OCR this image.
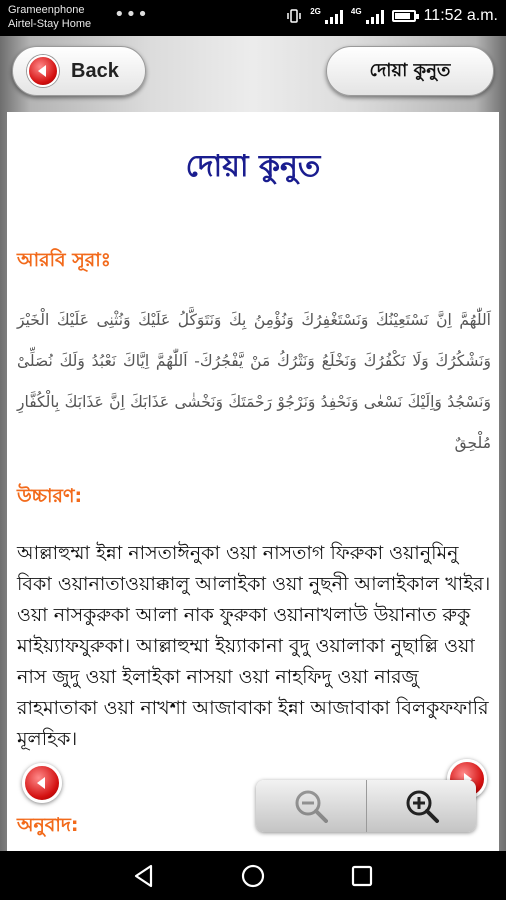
Grameenphone
Airtel-Stay Home •••	2G	4G	11:52 a.m.
Back	দোয়া কুনুত
দোয়া কুনুত
আরবি সূরাঃ
اَللّٰهُمَّ اِنَّ نَسْتَعِيْنُكَ وَنَسْتَغْفِرُكَ وَنُؤْمِنُ بِكَ وَنَتَوَكَّلُ عَلَيْكَ وَنُثْنِى عَلَيْكَ الْخَيْرَ وَنَشْكُرُكَ وَلَا نَكْفُرُكَ وَنَخْلَعُ وَنَتْرُكُ مَنْ يَّفْجُرُكَ- اَللّٰهُمَّ اِيَّاكَ نَعْبُدُ وَلَكَ نُصَلِّىْ وَنَسْجُدُ وَاِلَيْكَ نَسْعٰى وَنَحْفِدُ وَنَرْجُوْ رَحْمَتَكَ وَنَخْشٰى عَذَابَكَ اِنَّ عَذَابَكَ بِالْكُفَّارِ مُلْحِقٌ
উচ্চারণ:
আল্লাহুম্মা ইন্না নাসতাঈনুকা ওয়া নাসতাগ ফিরুকা ওয়ানুমিনু বিকা ওয়ানাতাওয়াক্কালু আলাইকা ওয়া নুছনী আলাইকাল খাইর। ওয়া নাসকুরুকা আলা নাক ফুরুকা ওয়ানাখলাউ উয়ানাত রুকু মাইয়্যাফযুরুকা। আল্লাহুম্মা ইয়্যাকানা বুদু ওয়ালাকা নুছাল্লি ওয়া নাস জুদু ওয়া ইলাইকা নাসয়া ওয়া নাহফিদু ওয়া নারজু রাহমাতাকা ওয়া নাখশা আজাবাকা ইন্না আজাবাকা বিলকুফফারি মূলহিক।
অনুবাদ:
